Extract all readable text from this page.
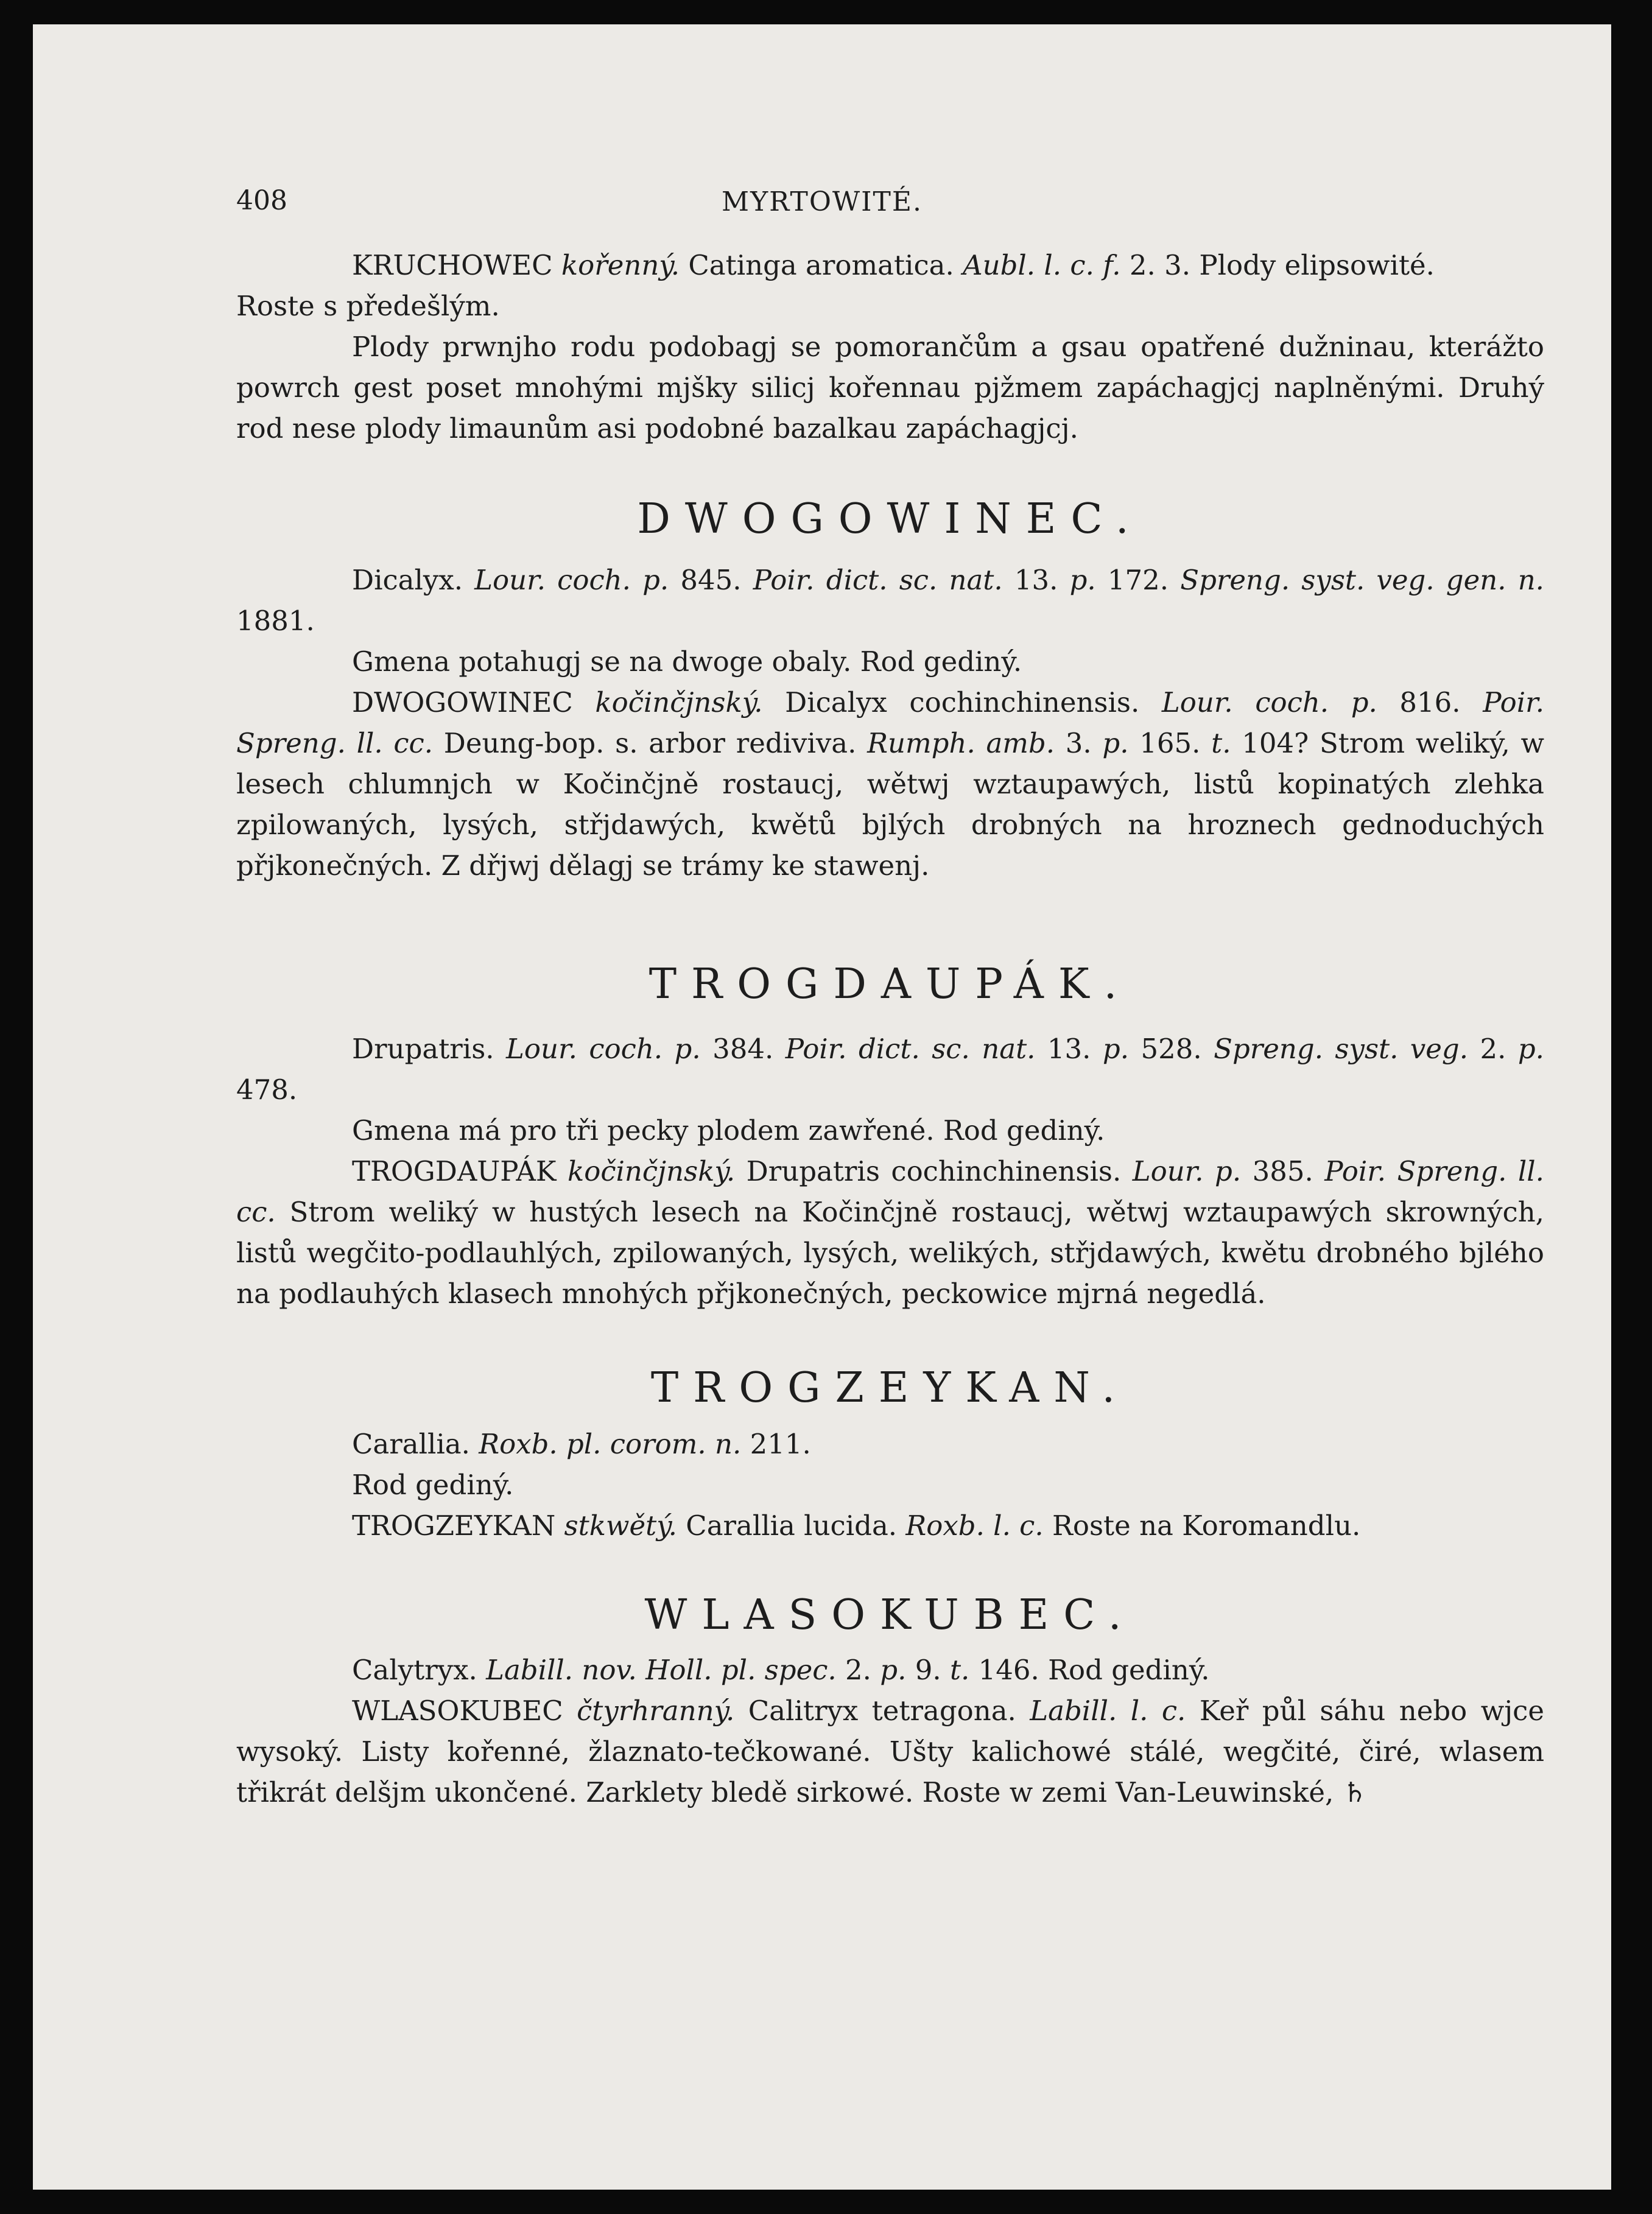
408	MYRTOWITÉ.

KRUCHOWEC kořenný. Catinga aromatica. Aubl. l. c. f. 2. 3. Plody elipsowité.

Roste s předešlým.

Plody prwnjho rodu podobagj se pomorančům a gsau opatřené dužninau, kterážto powrch gest poset mnohými mjšky silicj kořennau pjžmem zapáchagjcj naplněnými. Druhý rod nese plody limaunům asi podobné bazalkau zapáchagjcj.

DWOGOWINEC.

Dicalyx. Lour. coch. p. 845. Poir. dict. sc. nat. 13. p. 172. Spreng. syst. veg. gen. n. 1881.

Gmena potahugj se na dwoge obaly. Rod gediný.

DWOGOWINEC kočinčjnský. Dicalyx cochinchinensis. Lour. coch. p. 816. Poir. Spreng. ll. cc. Deung-bop. s. arbor rediviva. Rumph. amb. 3. p. 165. t. 104? Strom weliký, w lesech chlumnjch w Kočinčjně rostaucj, wětwj wztaupawých, listů kopinatých zlehka zpilowaných, lysých, střjdawých, kwětů bjlých drobných na hroznech gednoduchých přjkonečných. Z dřjwj dělagj se trámy ke stawenj.

TROGDAUPÁK.

Drupatris. Lour. coch. p. 384. Poir. dict. sc. nat. 13. p. 528. Spreng. syst. veg. 2. p. 478.

Gmena má pro tři pecky plodem zawřené. Rod gediný.

TROGDAUPÁK kočinčjnský. Drupatris cochinchinensis. Lour. p. 385. Poir. Spreng. ll. cc. Strom weliký w hustých lesech na Kočinčjně rostaucj, wětwj wztaupawých skrowných, listů wegčito-podlauhlých, zpilowaných, lysých, welikých, střjdawých, kwětu drobného bjlého na podlauhých klasech mnohých přjkonečných, peckowice mjrná negedlá.

TROGZEYKAN.

Carallia. Roxb. pl. corom. n. 211.

Rod gediný.

TROGZEYKAN stkwětý. Carallia lucida. Roxb. l. c. Roste na Koromandlu.

WLASOKUBEC.

Calytryx. Labill. nov. Holl. pl. spec. 2. p. 9. t. 146. Rod gediný.

WLASOKUBEC čtyrhranný. Calitryx tetragona. Labill. l. c. Keř půl sáhu nebo wjce wysoký. Listy kořenné, žlaznato-tečkowané. Ušty kalichowé stálé, wegčité, čiré, wlasem třikrát delšjm ukončené. Zarklety bledě sirkowé. Roste w zemi Van-Leuwinské, ♄
